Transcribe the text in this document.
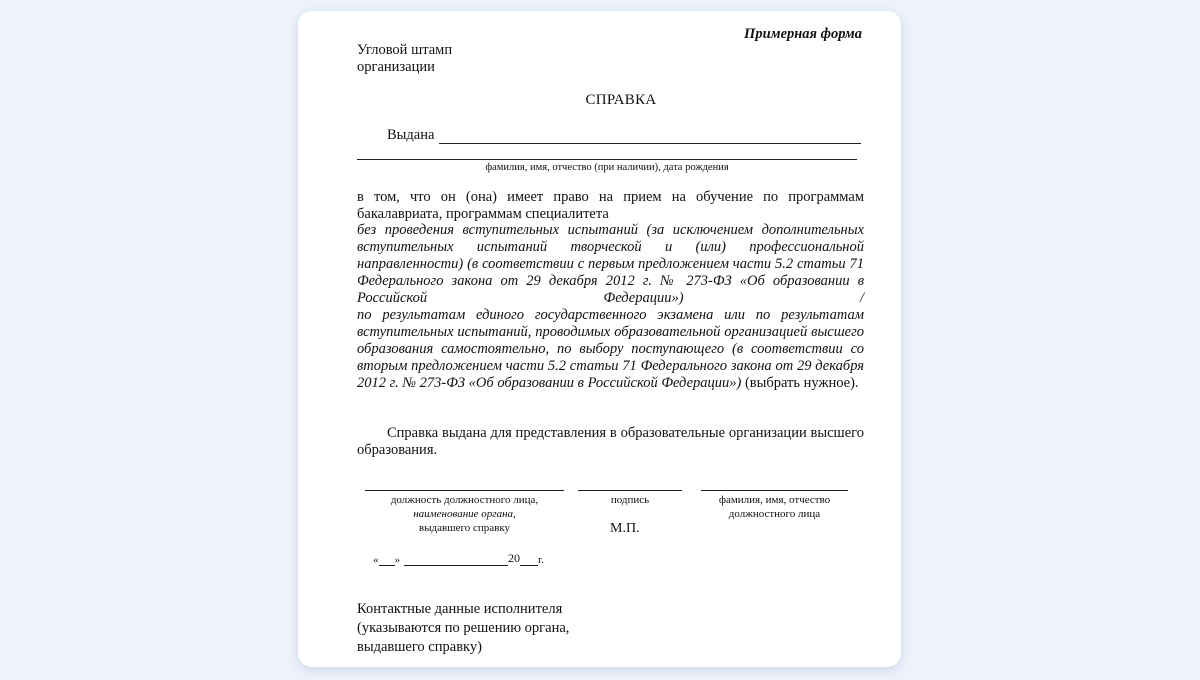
Примерная форма
Угловой штамп
организации
СПРАВКА
Выдана
фамилия, имя, отчество (при наличии), дата рождения
в том, что он (она) имеет право на прием на обучение по программам бакалавриата, программам специалитета
без проведения вступительных испытаний (за исключением дополнительных вступительных испытаний творческой и (или) профессиональной направленности) (в соответствии с первым предложением части 5.2 статьи 71 Федерального закона от 29 декабря 2012 г. № 273-ФЗ «Об образовании в Российской Федерации») /
по результатам единого государственного экзамена или по результатам вступительных испытаний, проводимых образовательной организацией высшего образования самостоятельно, по выбору поступающего (в соответствии со вторым предложением части 5.2 статьи 71 Федерального закона от 29 декабря 2012 г. № 273-ФЗ «Об образовании в Российской Федерации») (выбрать нужное).
Справка выдана для представления в образовательные организации высшего образования.
должность должностного лица,
наименование органа,
выдавшего справку
подпись	фамилия, имя, отчество
должностного лица
М.П.
« »	20 г.
Контактные данные исполнителя
(указываются по решению органа,
выдавшего справку)
